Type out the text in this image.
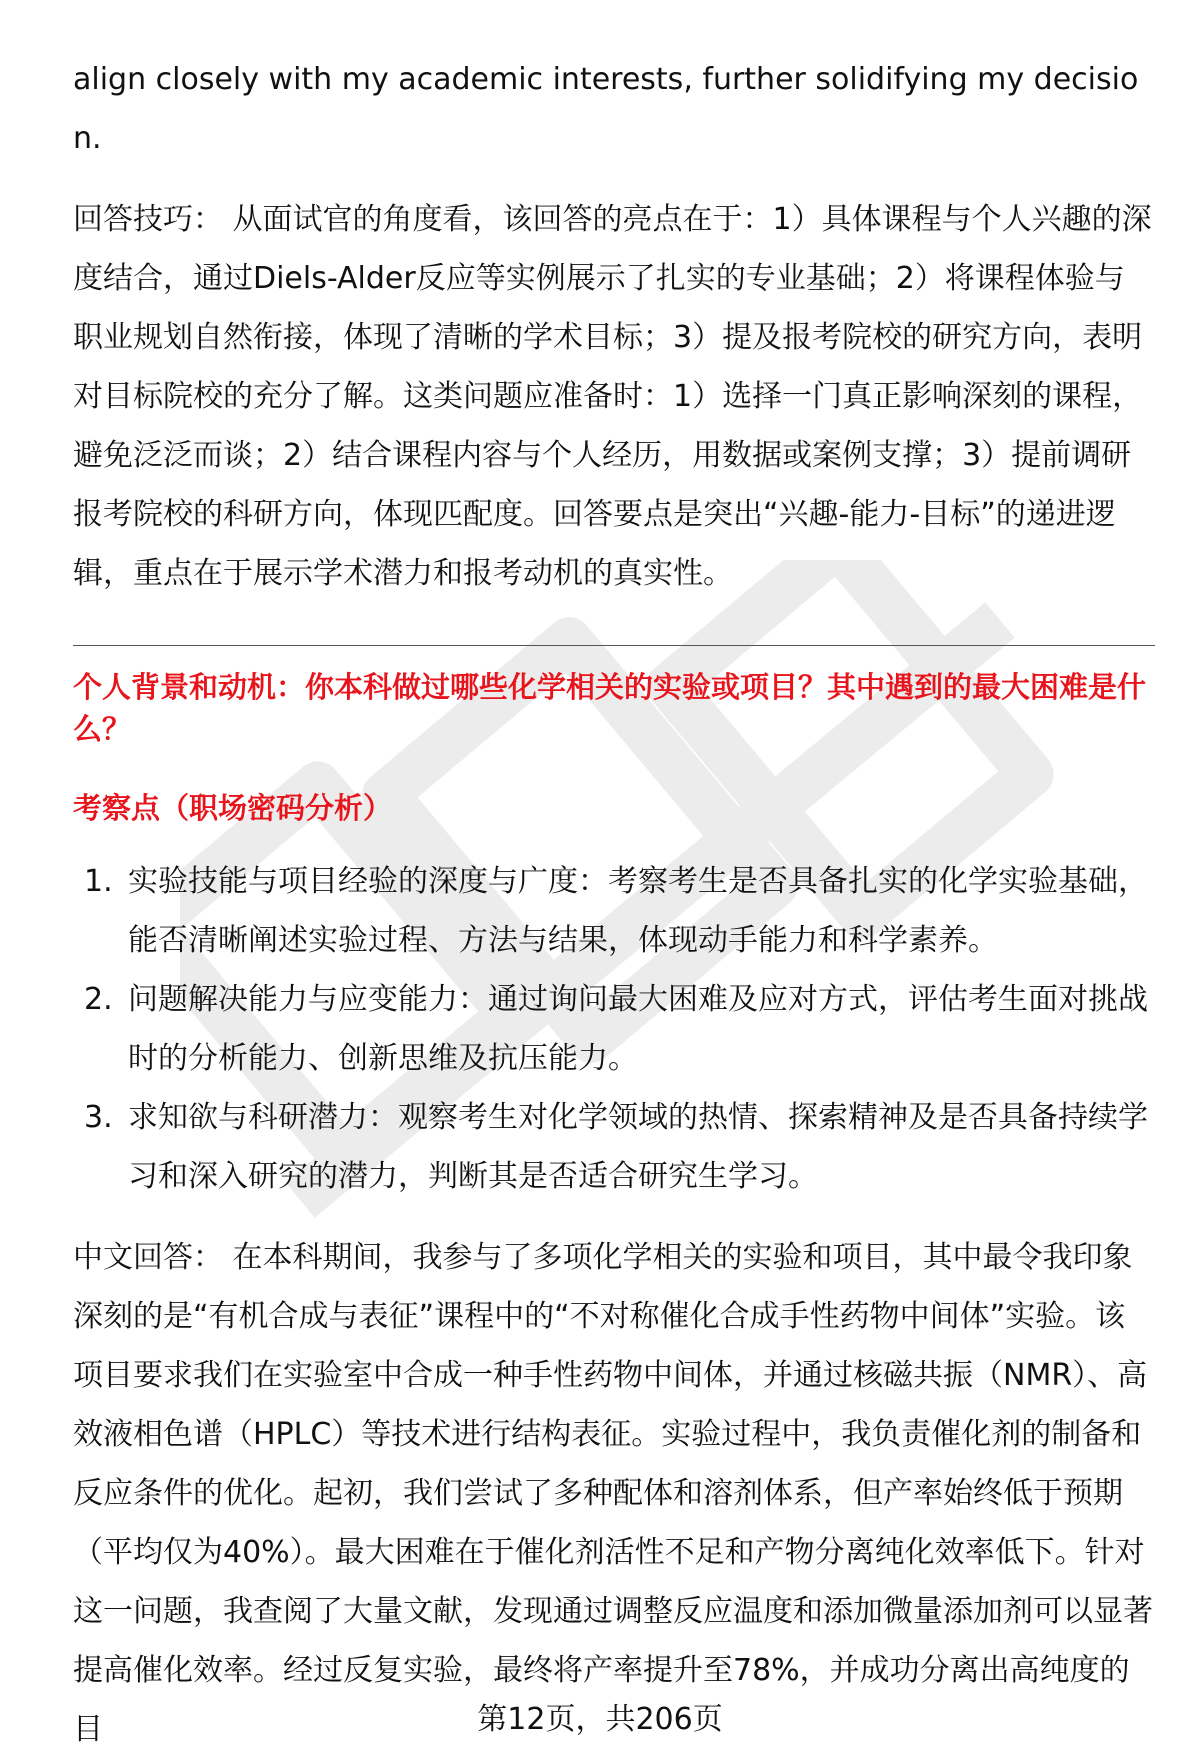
align closely with my academic interests, further solidifying my decision.

回答技巧： 从面试官的角度看，该回答的亮点在于：1）具体课程与个人兴趣的深度结合，通过Diels-Alder反应等实例展示了扎实的专业基础；2）将课程体验与职业规划自然衔接，体现了清晰的学术目标；3）提及报考院校的研究方向，表明对目标院校的充分了解。这类问题应准备时：1）选择一门真正影响深刻的课程，避免泛泛而谈；2）结合课程内容与个人经历，用数据或案例支撑；3）提前调研报考院校的科研方向，体现匹配度。回答要点是突出“兴趣-能力-目标”的递进逻辑，重点在于展示学术潜力和报考动机的真实性。

个人背景和动机：你本科做过哪些化学相关的实验或项目？其中遇到的最大困难是什么？
考察点（职场密码分析）
1. 实验技能与项目经验的深度与广度：考察考生是否具备扎实的化学实验基础，能否清晰阐述实验过程、方法与结果，体现动手能力和科学素养。
2. 问题解决能力与应变能力：通过询问最大困难及应对方式，评估考生面对挑战时的分析能力、创新思维及抗压能力。
3. 求知欲与科研潜力：观察考生对化学领域的热情、探索精神及是否具备持续学习和深入研究的潜力，判断其是否适合研究生学习。

中文回答： 在本科期间，我参与了多项化学相关的实验和项目，其中最令我印象深刻的是“有机合成与表征”课程中的“不对称催化合成手性药物中间体”实验。该项目要求我们在实验室中合成一种手性药物中间体，并通过核磁共振（NMR）、高效液相色谱（HPLC）等技术进行结构表征。实验过程中，我负责催化剂的制备和反应条件的优化。起初，我们尝试了多种配体和溶剂体系，但产率始终低于预期（平均仅为40%）。最大困难在于催化剂活性不足和产物分离纯化效率低下。针对这一问题，我查阅了大量文献，发现通过调整反应温度和添加微量添加剂可以显著提高催化效率。经过反复实验，最终将产率提升至78%，并成功分离出高纯度的目	第12页，共206页
